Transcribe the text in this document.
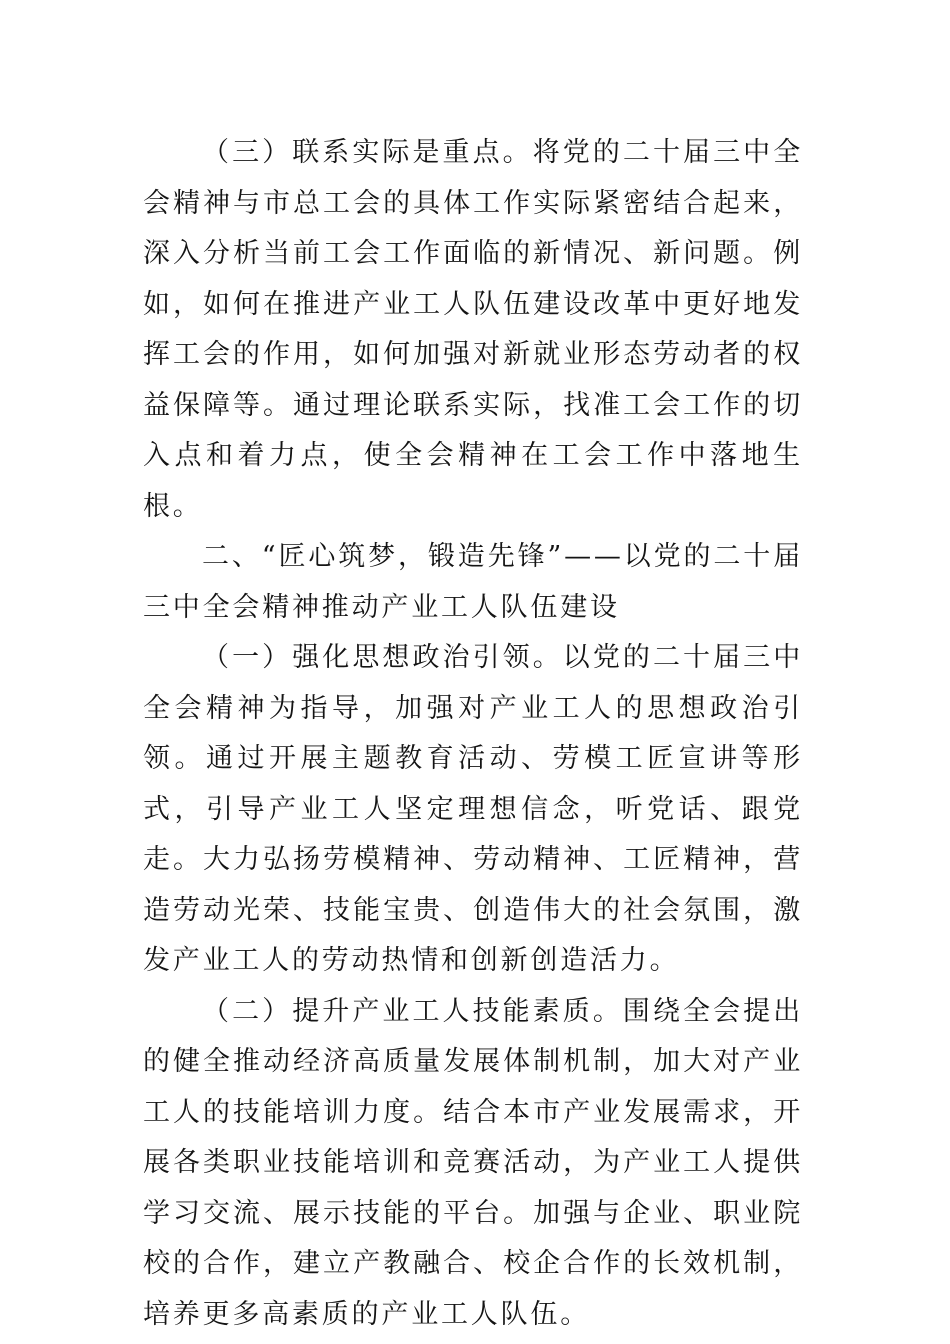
（三）联系实际是重点。将党的二十届三中全会精神与市总工会的具体工作实际紧密结合起来，深入分析当前工会工作面临的新情况、新问题。例如，如何在推进产业工人队伍建设改革中更好地发挥工会的作用，如何加强对新就业形态劳动者的权益保障等。通过理论联系实际，找准工会工作的切入点和着力点，使全会精神在工会工作中落地生根。

二、“匠心筑梦，锻造先锋”——以党的二十届三中全会精神推动产业工人队伍建设

（一）强化思想政治引领。以党的二十届三中全会精神为指导，加强对产业工人的思想政治引领。通过开展主题教育活动、劳模工匠宣讲等形式，引导产业工人坚定理想信念，听党话、跟党走。大力弘扬劳模精神、劳动精神、工匠精神，营造劳动光荣、技能宝贵、创造伟大的社会氛围，激发产业工人的劳动热情和创新创造活力。

（二）提升产业工人技能素质。围绕全会提出的健全推动经济高质量发展体制机制，加大对产业工人的技能培训力度。结合本市产业发展需求，开展各类职业技能培训和竞赛活动，为产业工人提供学习交流、展示技能的平台。加强与企业、职业院校的合作，建立产教融合、校企合作的长效机制，培养更多高素质的产业工人队伍。
